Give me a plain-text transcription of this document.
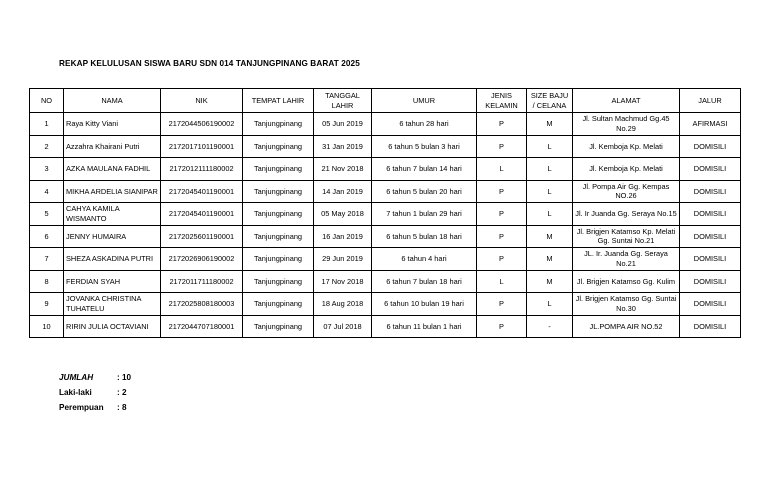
REKAP KELULUSAN SISWA BARU SDN 014 TANJUNGPINANG BARAT 2025
NO	NAMA	NIK	TEMPAT LAHIR	TANGGAL LAHIR	UMUR	JENIS KELAMIN	SIZE BAJU / CELANA	ALAMAT	JALUR
1	Raya Kitty Viani	2172044506190002	Tanjungpinang	05 Jun 2019	6 tahun 28 hari	P	M	Jl. Sultan Machmud Gg.45 No.29	AFIRMASI
2	Azzahra Khairani Putri	2172017101190001	Tanjungpinang	31 Jan 2019	6 tahun 5 bulan 3 hari	P	L	Jl. Kemboja Kp. Melati	DOMISILI
3	AZKA MAULANA FADHIL	2172012111180002	Tanjungpinang	21 Nov 2018	6 tahun 7 bulan 14 hari	L	L	Jl. Kemboja Kp. Melati	DOMISILI
4	MIKHA ARDELIA SIANIPAR	2172045401190001	Tanjungpinang	14 Jan 2019	6 tahun 5 bulan 20 hari	P	L	Jl. Pompa Air Gg. Kempas NO.26	DOMISILI
5	CAHYA KAMILA WISMANTO	2172045401190001	Tanjungpinang	05 May 2018	7 tahun 1 bulan 29 hari	P	L	Jl. Ir Juanda Gg. Seraya No.15	DOMISILI
6	JENNY HUMAIRA	2172025601190001	Tanjungpinang	16 Jan 2019	6 tahun 5 bulan 18 hari	P	M	Jl. Brigjen Katamso Kp. Melati Gg. Suntai No.21	DOMISILI
7	SHEZA ASKADINA PUTRI	2172026906190002	Tanjungpinang	29 Jun 2019	6 tahun 4 hari	P	M	JL. Ir. Juanda Gg. Seraya No.21	DOMISILI
8	FERDIAN SYAH	2172011711180002	Tanjungpinang	17 Nov 2018	6 tahun 7 bulan 18 hari	L	M	Jl. Brigjen Katamso Gg. Kulim	DOMISILI
9	JOVANKA CHRISTINA TUHATELU	2172025808180003	Tanjungpinang	18 Aug 2018	6 tahun 10 bulan 19 hari	P	L	Jl. Brigjen Katamso Gg. Suntai No.30	DOMISILI
10	RIRIN JULIA OCTAVIANI	2172044707180001	Tanjungpinang	07 Jul 2018	6 tahun 11 bulan 1 hari	P	-	JL.POMPA AIR NO.52	DOMISILI
JUMLAH	: 10
Laki-laki	: 2
Perempuan	: 8
